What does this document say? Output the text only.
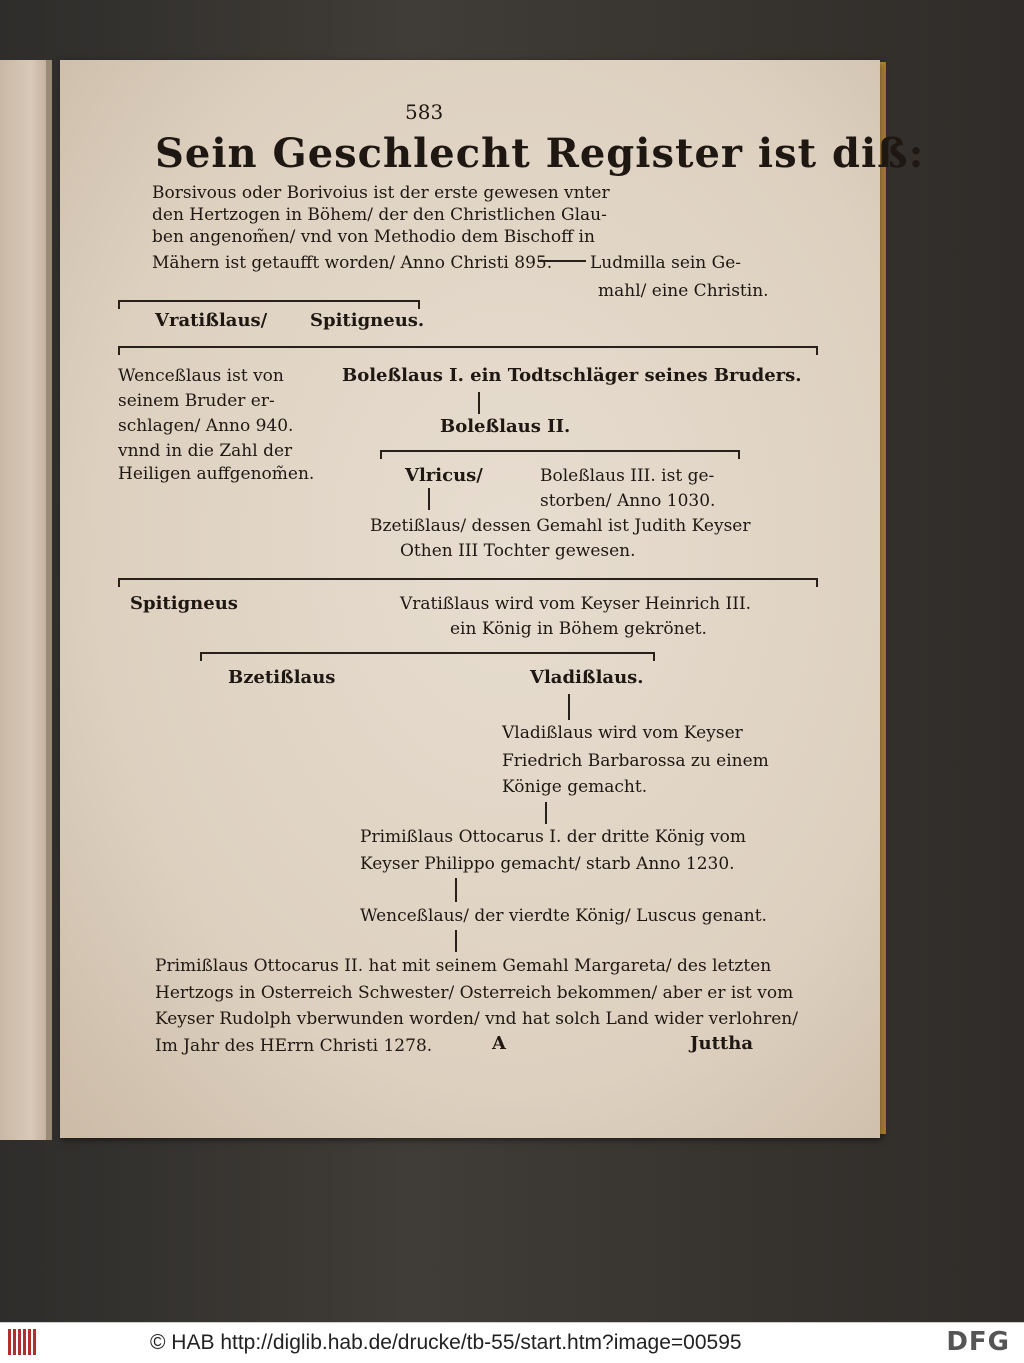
583
Sein Geschlecht Register ist diß:
Borsivous oder Borivoius ist der erste gewesen vnter
den Hertzogen in Böhem/ der den Christlichen Glau-
ben angenom̃en/ vnd von Methodio dem Bischoff in
Mähern ist getaufft worden/ Anno Christi 895. Ludmilla sein Ge-
mahl/ eine Christin.
Vratißlaus/ Spitigneus.
Wenceßlaus ist von
seinem Bruder er-
schlagen/ Anno 940.
vnnd in die Zahl der
Heiligen auffgenom̃en.
Boleßlaus I. ein Todtschläger seines Bruders.
Boleßlaus II.
Vlricus/	Boleßlaus III. ist ge-
storben/ Anno 1030.
Bzetißlaus/ dessen Gemahl ist Judith Keyser
Othen III Tochter gewesen.
Spitigneus	Vratißlaus wird vom Keyser Heinrich III.
ein König in Böhem gekrönet.
Bzetißlaus	Vladißlaus.
Vladißlaus wird vom Keyser
Friedrich Barbarossa zu einem
Könige gemacht.
Primißlaus Ottocarus I. der dritte König vom
Keyser Philippo gemacht/ starb Anno 1230.
Wenceßlaus/ der vierdte König/ Luscus genant.
Primißlaus Ottocarus II. hat mit seinem Gemahl Margareta/ des letzten
Hertzogs in Osterreich Schwester/ Osterreich bekommen/ aber er ist vom
Keyser Rudolph vberwunden worden/ vnd hat solch Land wider verlohren/
Im Jahr des HErrn Christi 1278.	A	Juttha
© HAB http://diglib.hab.de/drucke/tb-55/start.htm?image=00595	DFG
